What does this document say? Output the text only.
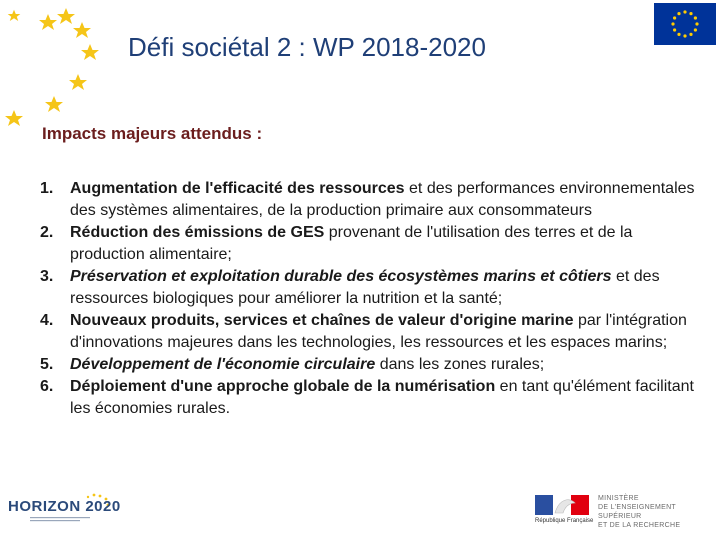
Défi sociétal 2 : WP 2018-2020
Impacts majeurs attendus :
1. Augmentation de l'efficacité des ressources et des performances environnementales des systèmes alimentaires, de la production primaire aux consommateurs
2. Réduction des émissions de GES provenant de l'utilisation des terres et de la production alimentaire;
3. Préservation et exploitation durable des écosystèmes marins et côtiers et des ressources biologiques pour améliorer la nutrition et la santé;
4. Nouveaux produits, services et chaînes de valeur d'origine marine par l'intégration d'innovations majeures dans les technologies, les ressources et les espaces marins;
5. Développement de l'économie circulaire dans les zones rurales;
6. Déploiement d'une approche globale de la numérisation en tant qu'élément facilitant les économies rurales.
HORIZON 2020
République Française
MINISTÈRE
DE L'ENSEIGNEMENT SUPÉRIEUR
ET DE LA RECHERCHE
